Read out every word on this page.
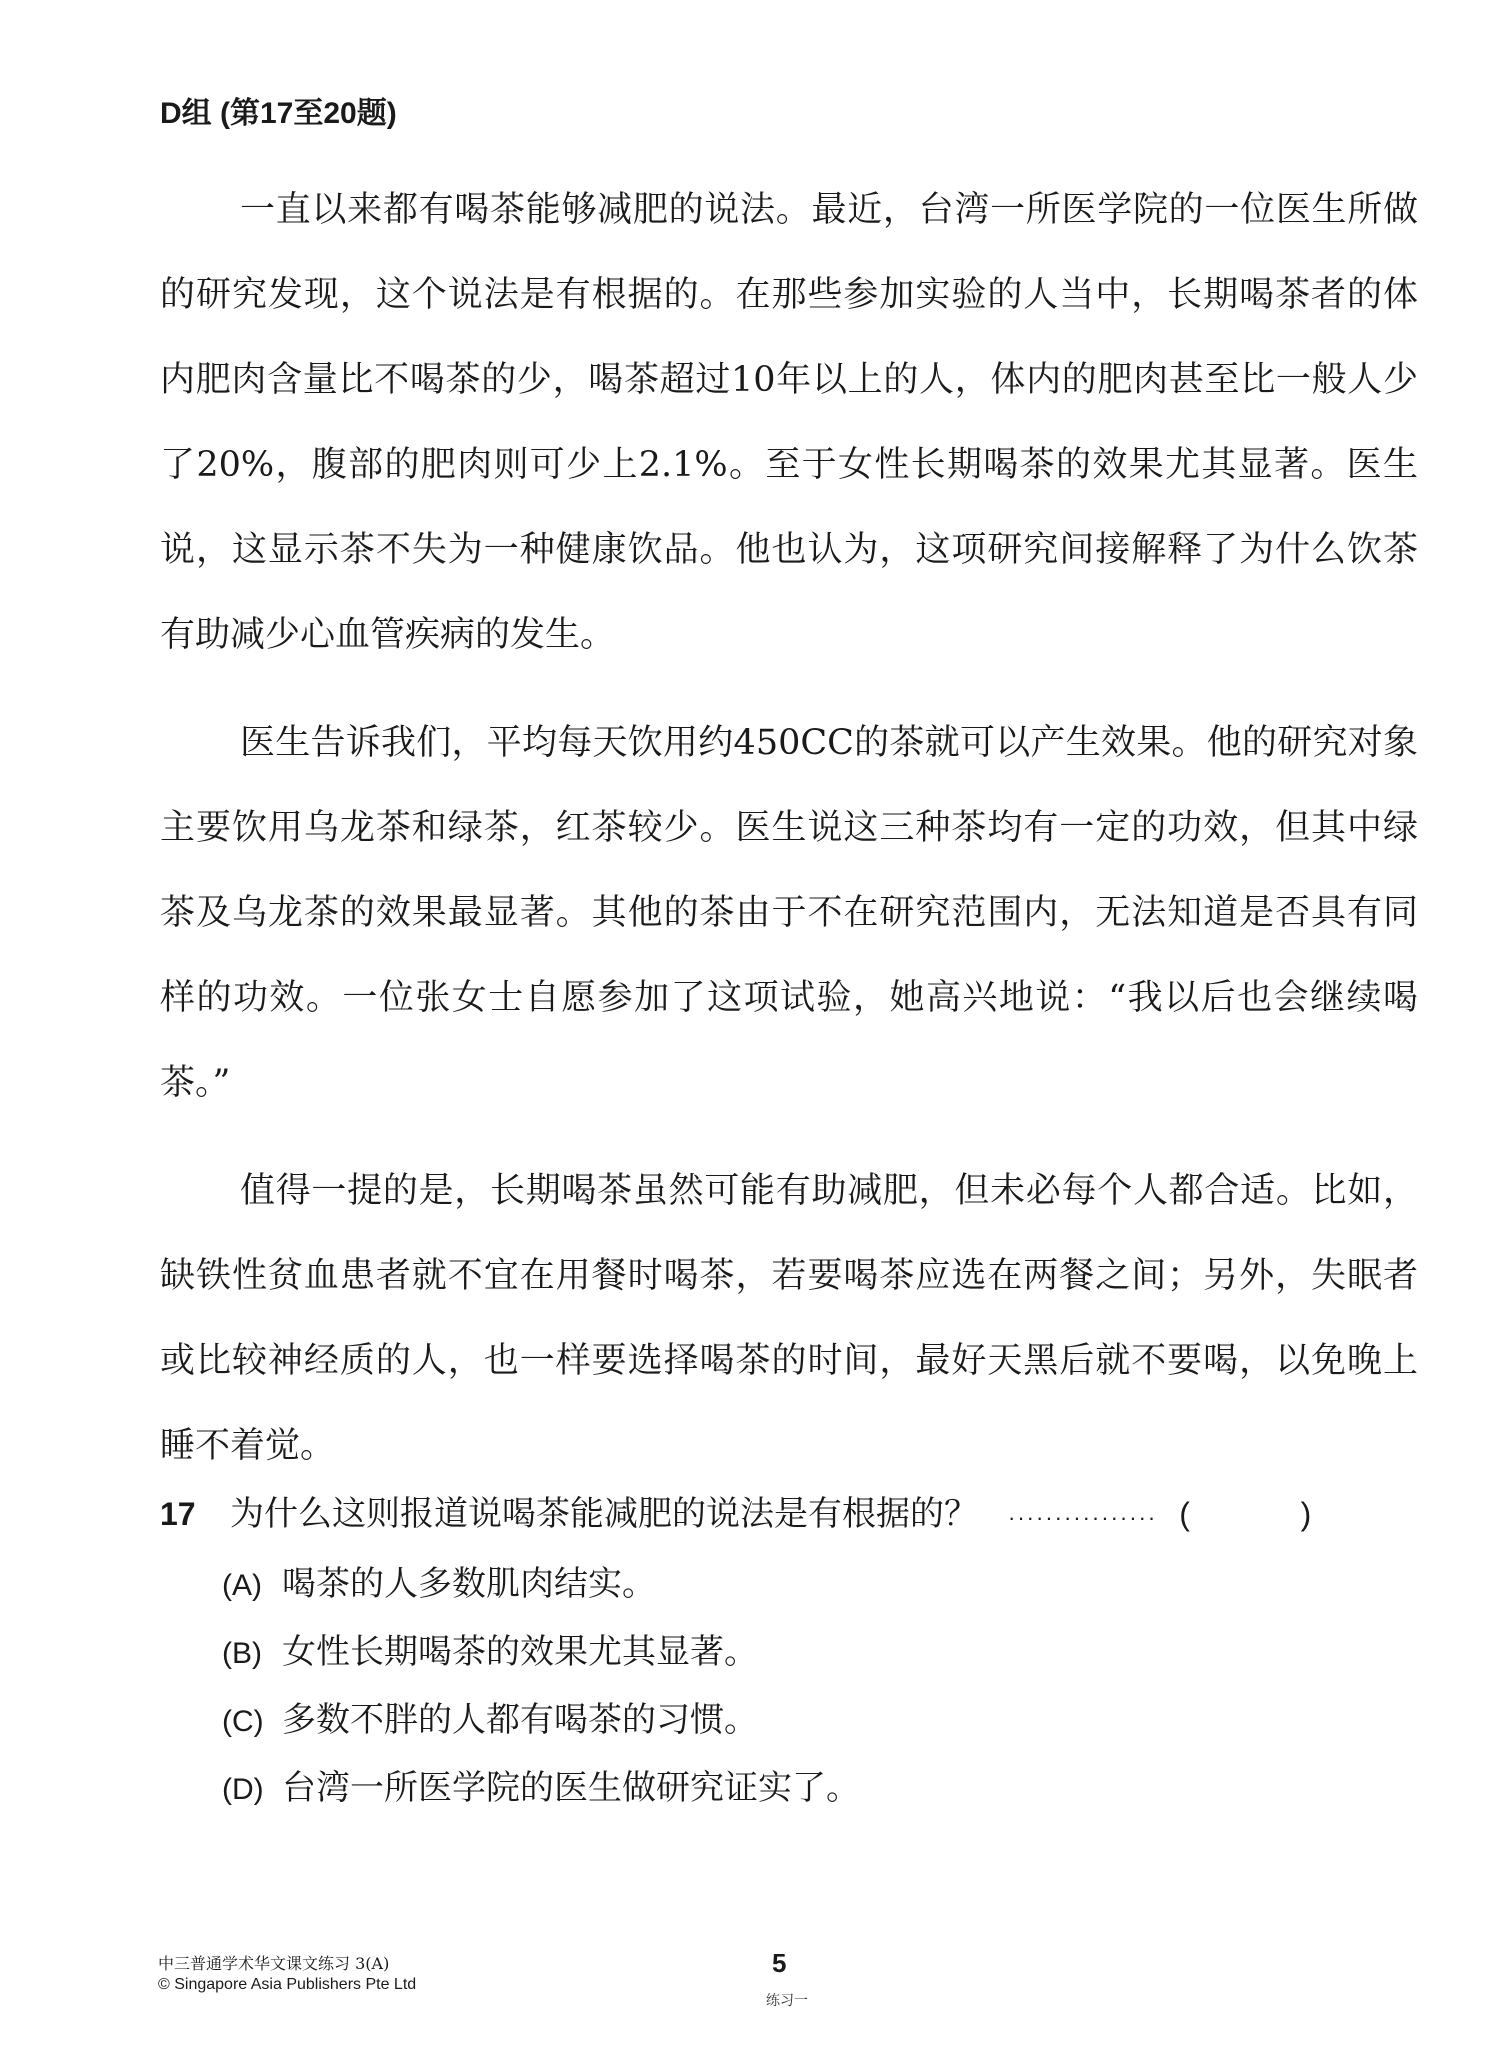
D组 (第17至20题)

一直以来都有喝茶能够减肥的说法。最近，台湾一所医学院的一位医生所做的研究发现，这个说法是有根据的。在那些参加实验的人当中，长期喝茶者的体内肥肉含量比不喝茶的少，喝茶超过10年以上的人，体内的肥肉甚至比一般人少了20%，腹部的肥肉则可少上2.1%。至于女性长期喝茶的效果尤其显著。医生说，这显示茶不失为一种健康饮品。他也认为，这项研究间接解释了为什么饮茶有助减少心血管疾病的发生。

医生告诉我们，平均每天饮用约450CC的茶就可以产生效果。他的研究对象主要饮用乌龙茶和绿茶，红茶较少。医生说这三种茶均有一定的功效，但其中绿茶及乌龙茶的效果最显著。其他的茶由于不在研究范围内，无法知道是否具有同样的功效。一位张女士自愿参加了这项试验，她高兴地说：“我以后也会继续喝茶。”

值得一提的是，长期喝茶虽然可能有助减肥，但未必每个人都合适。比如，缺铁性贫血患者就不宜在用餐时喝茶，若要喝茶应选在两餐之间；另外，失眠者或比较神经质的人，也一样要选择喝茶的时间，最好天黑后就不要喝，以免晚上睡不着觉。

17	为什么这则报道说喝茶能减肥的说法是有根据的？ ················ (	)
(A) 喝茶的人多数肌肉结实。
(B) 女性长期喝茶的效果尤其显著。
(C) 多数不胖的人都有喝茶的习惯。
(D) 台湾一所医学院的医生做研究证实了。
中三普通学术华文课文练习 3(A)
© Singapore Asia Publishers Pte Ltd
5
练习一
